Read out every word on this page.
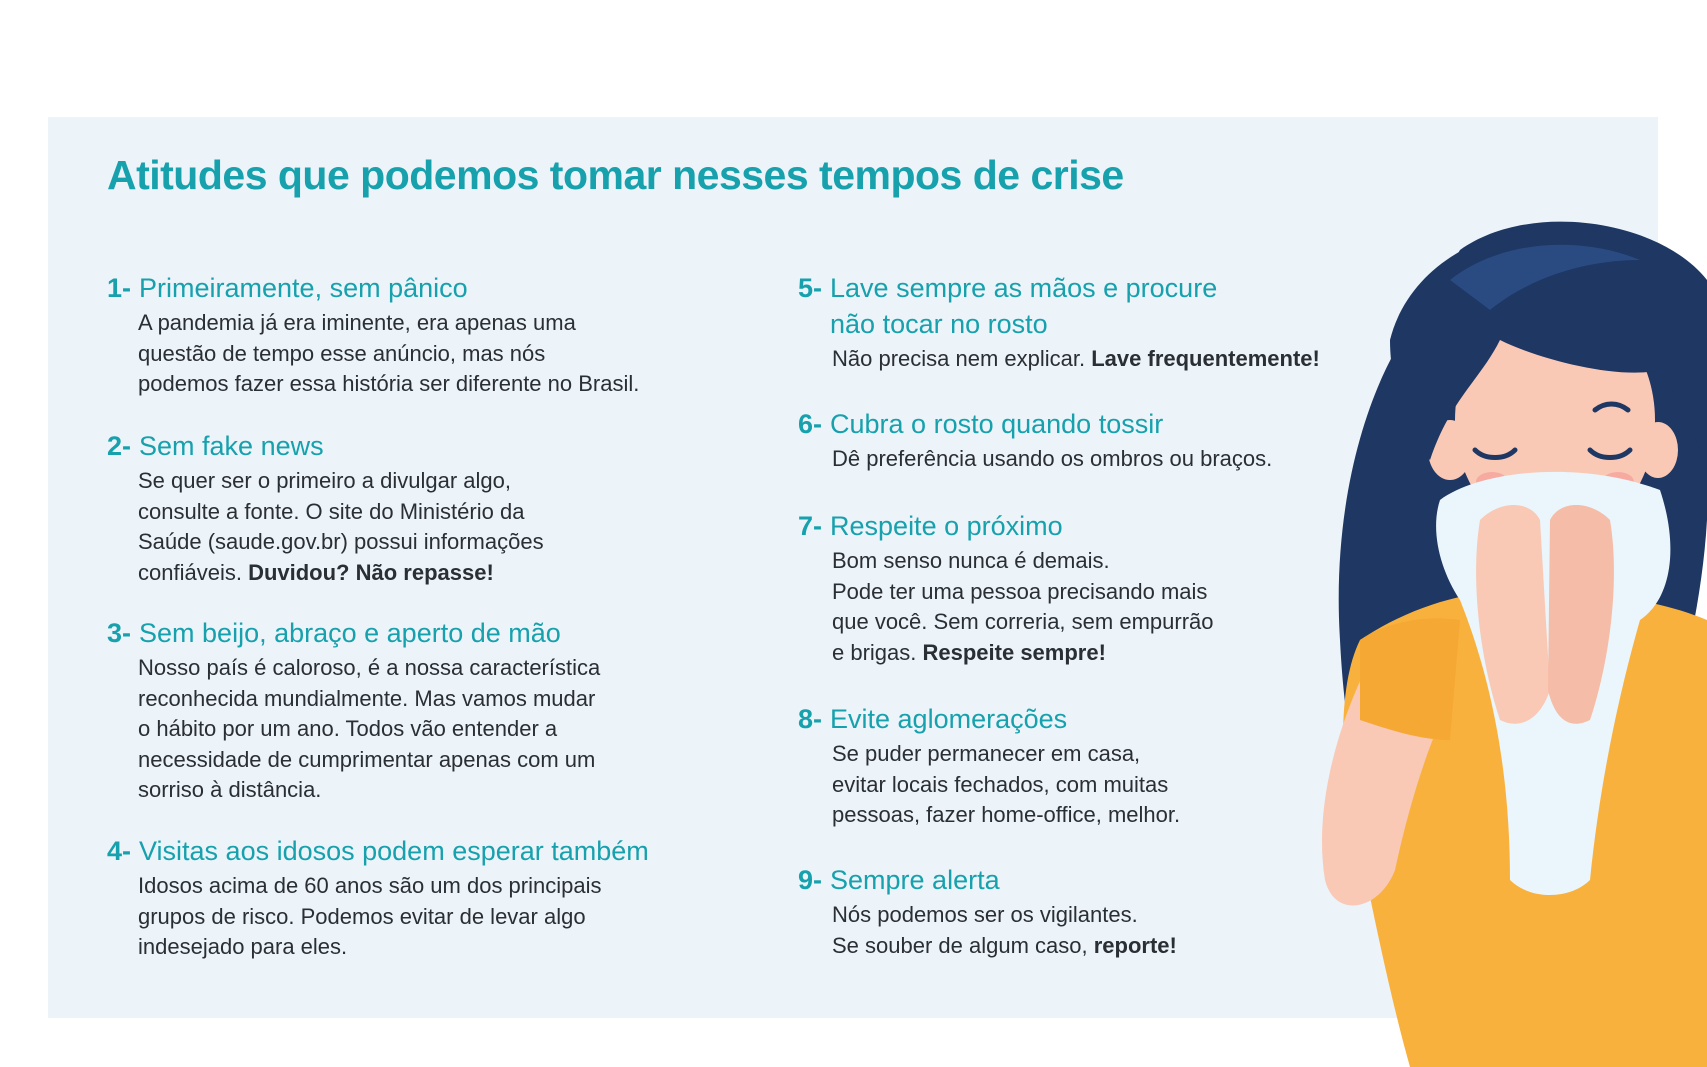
Atitudes que podemos tomar nesses tempos de crise
1- Primeiramente, sem pânico

A pandemia já era iminente, era apenas uma
questão de tempo esse anúncio, mas nós
podemos fazer essa história ser diferente no Brasil.

2- Sem fake news

Se quer ser o primeiro a divulgar algo,
consulte a fonte. O site do Ministério da
Saúde (saude.gov.br) possui informações
confiáveis. Duvidou? Não repasse!

3- Sem beijo, abraço e aperto de mão

Nosso país é caloroso, é a nossa característica
reconhecida mundialmente. Mas vamos mudar
o hábito por um ano. Todos vão entender a
necessidade de cumprimentar apenas com um
sorriso à distância.

4- Visitas aos idosos podem esperar também

Idosos acima de 60 anos são um dos principais
grupos de risco. Podemos evitar de levar algo
indesejado para eles.

5- Lave sempre as mãos e procure
não tocar no rosto

Não precisa nem explicar. Lave frequentemente!

6- Cubra o rosto quando tossir

Dê preferência usando os ombros ou braços.

7- Respeite o próximo

Bom senso nunca é demais.
Pode ter uma pessoa precisando mais
que você. Sem correria, sem empurrão
e brigas. Respeite sempre!

8- Evite aglomerações

Se puder permanecer em casa,
evitar locais fechados, com muitas
pessoas, fazer home-office, melhor.

9- Sempre alerta

Nós podemos ser os vigilantes.
Se souber de algum caso, reporte!
